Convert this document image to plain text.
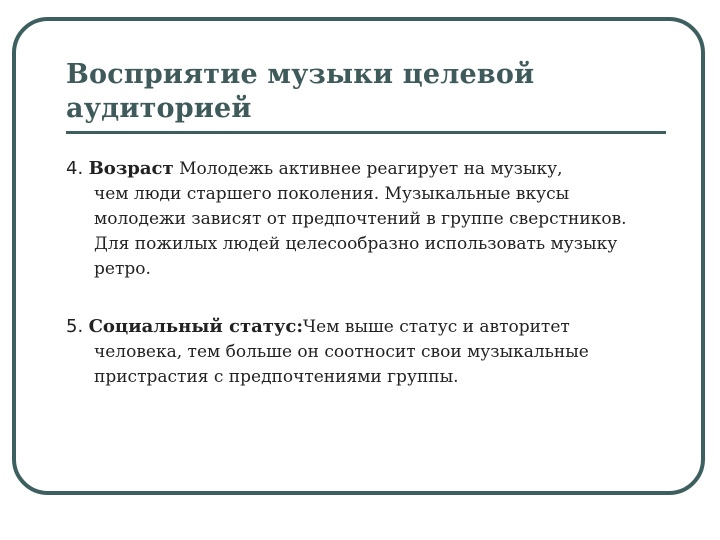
Восприятие музыки целевой аудиторией

4. Возраст Молодежь активнее реагирует на музыку,
чем люди старшего поколения. Музыкальные вкусы молодежи зависят от предпочтений в группе сверстников. Для пожилых людей целесообразно использовать музыку ретро.

5. Социальный статус:Чем выше статус и авторитет
человека, тем больше он соотносит свои музыкальные пристрастия с предпочтениями группы.
